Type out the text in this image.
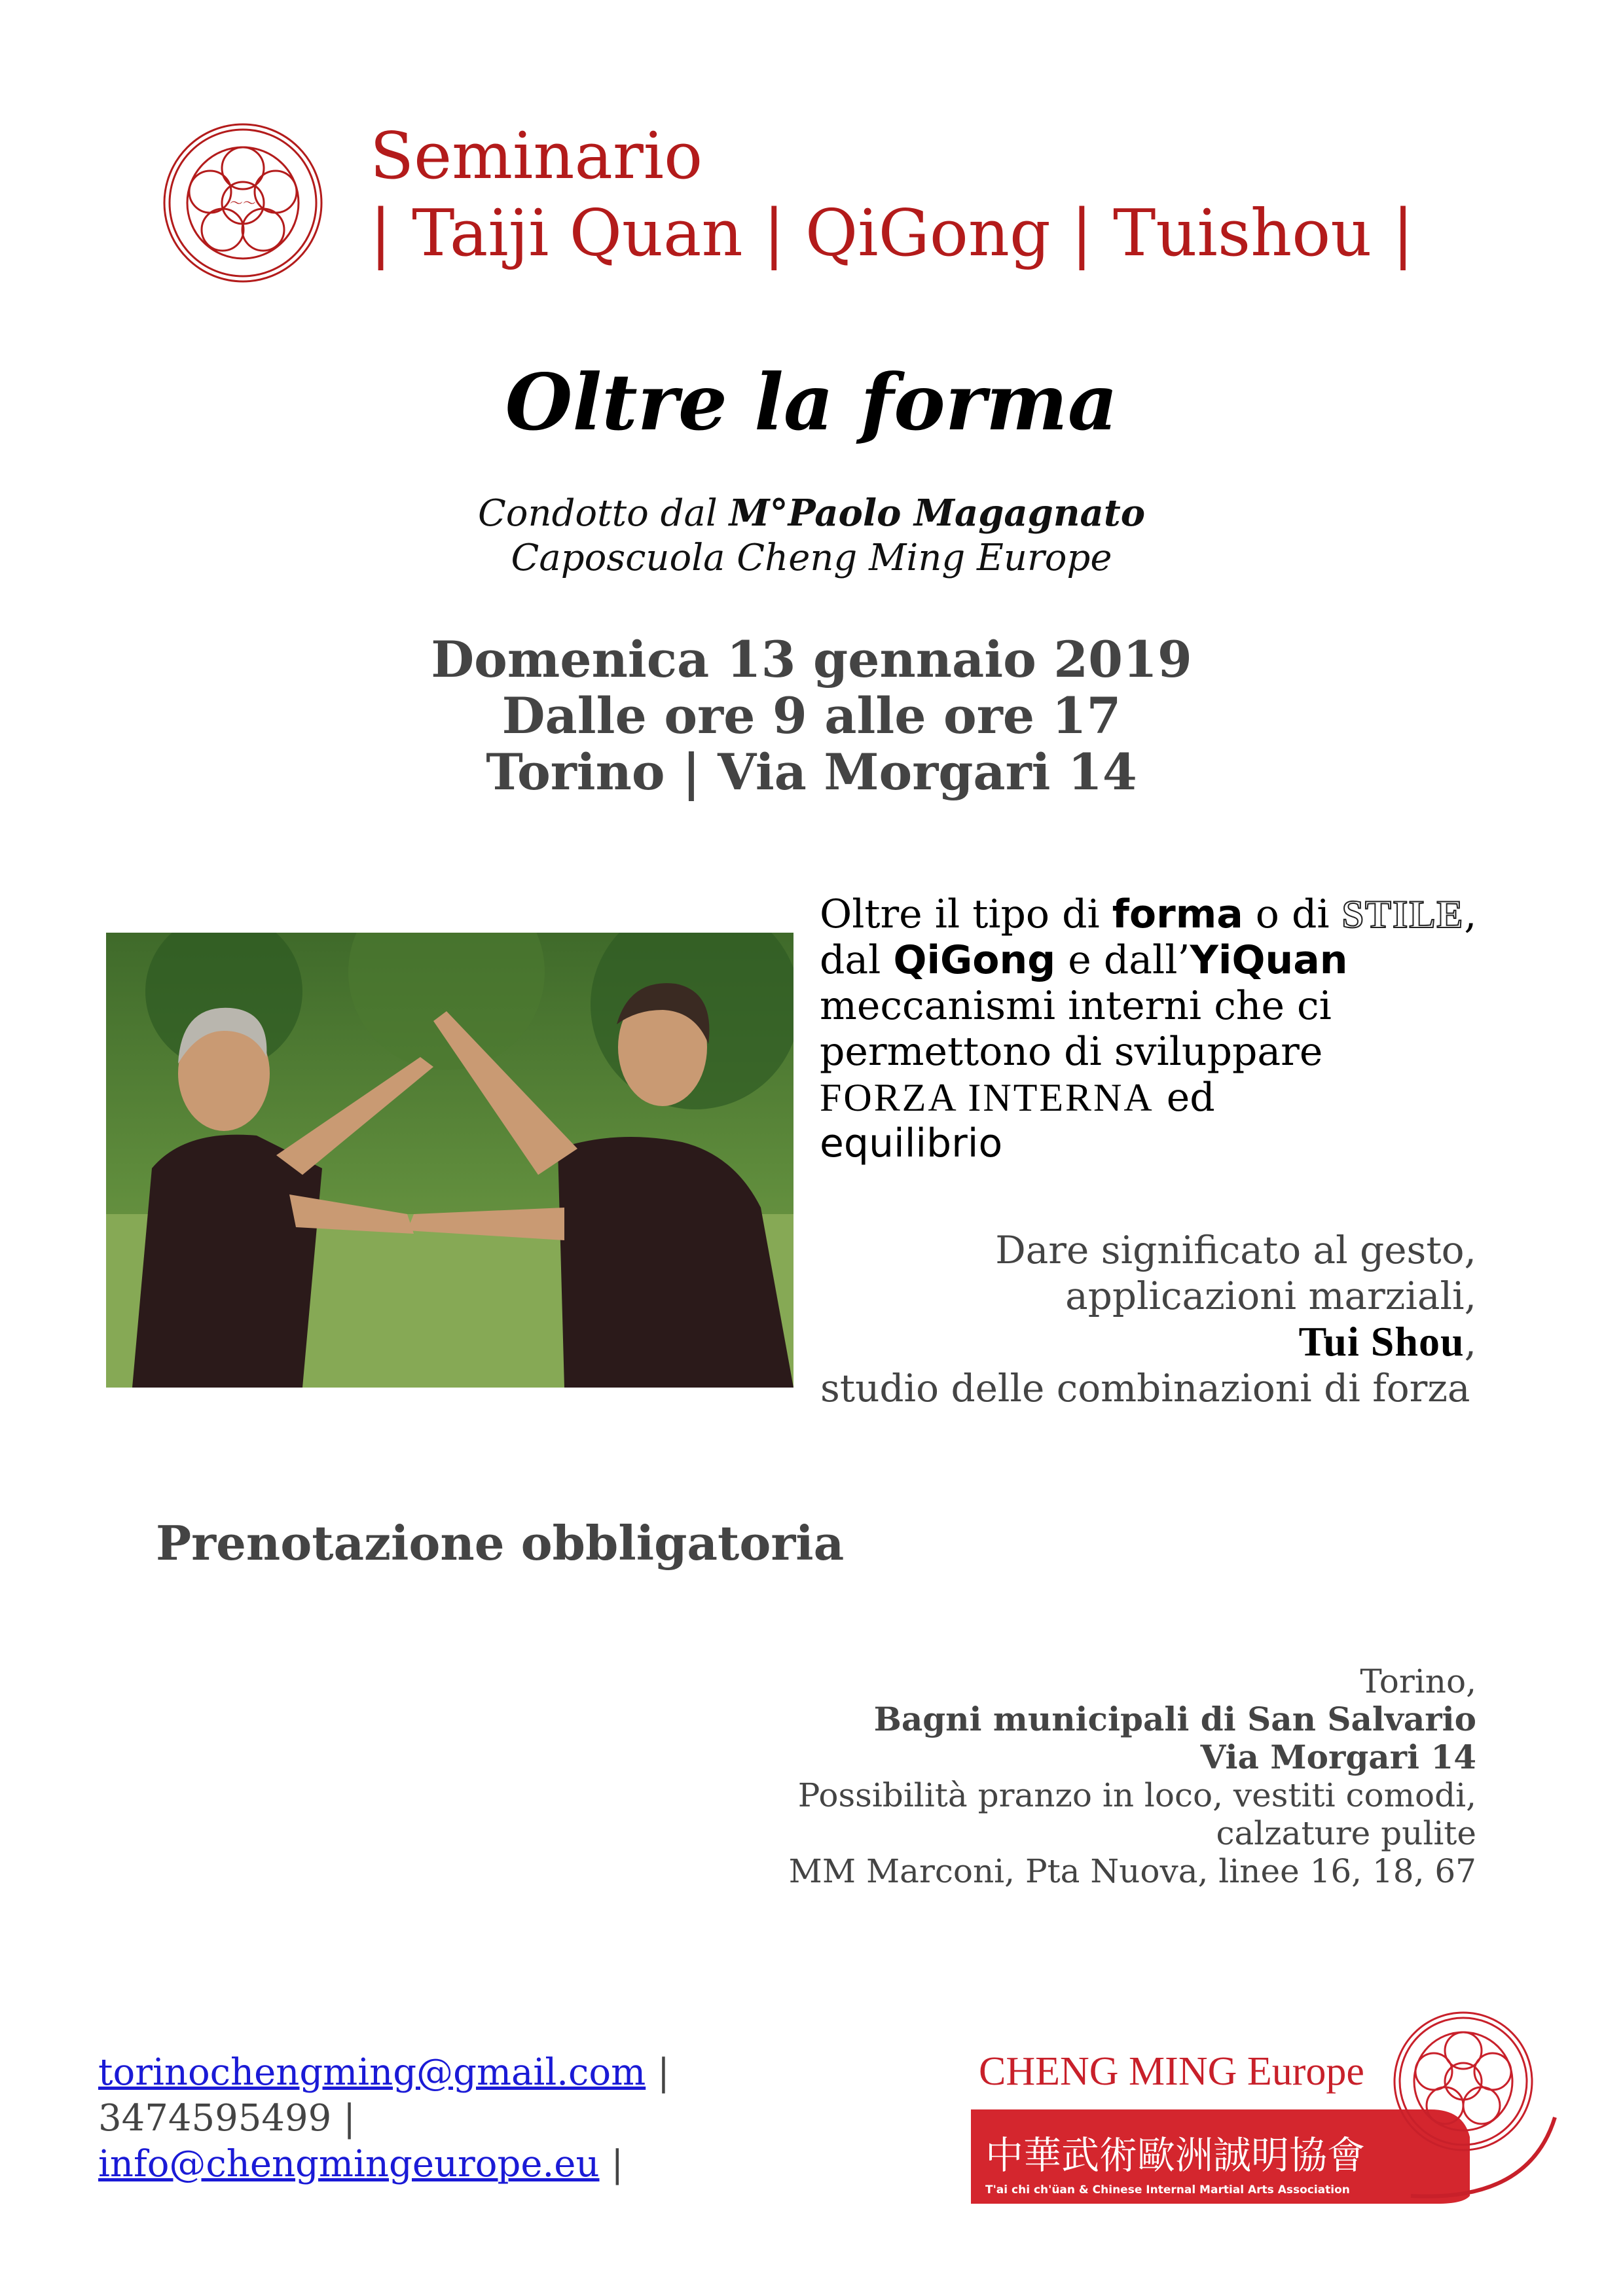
〜〜
Seminario
| Taiji Quan | QiGong | Tuishou |
Oltre la forma
Condotto dal M°Paolo Magagnato
Caposcuola Cheng Ming Europe
Domenica 13 gennaio 2019
Dalle ore 9 alle ore 17
Torino | Via Morgari 14
Oltre il tipo di forma o di STILE,
dal QiGong e dall’YiQuan
meccanismi interni che ci
permettono di sviluppare
FORZA INTERNA ed
equilibrio
Dare significato al gesto,
applicazioni marziali,
Tui Shou,
studio delle combinazioni di forza
Prenotazione obbligatoria
Torino,
Bagni municipali di San Salvario
Via Morgari 14
Possibilità pranzo in loco, vestiti comodi, calzature pulite
MM Marconi, Pta Nuova, linee 16, 18, 67
torinochengming@gmail.com |
3474595499 |
info@chengmingeurope.eu |
CHENG MING Europe
中華武術歐洲誠明協會
T'ai chi ch'üan & Chinese Internal Martial Arts Association
